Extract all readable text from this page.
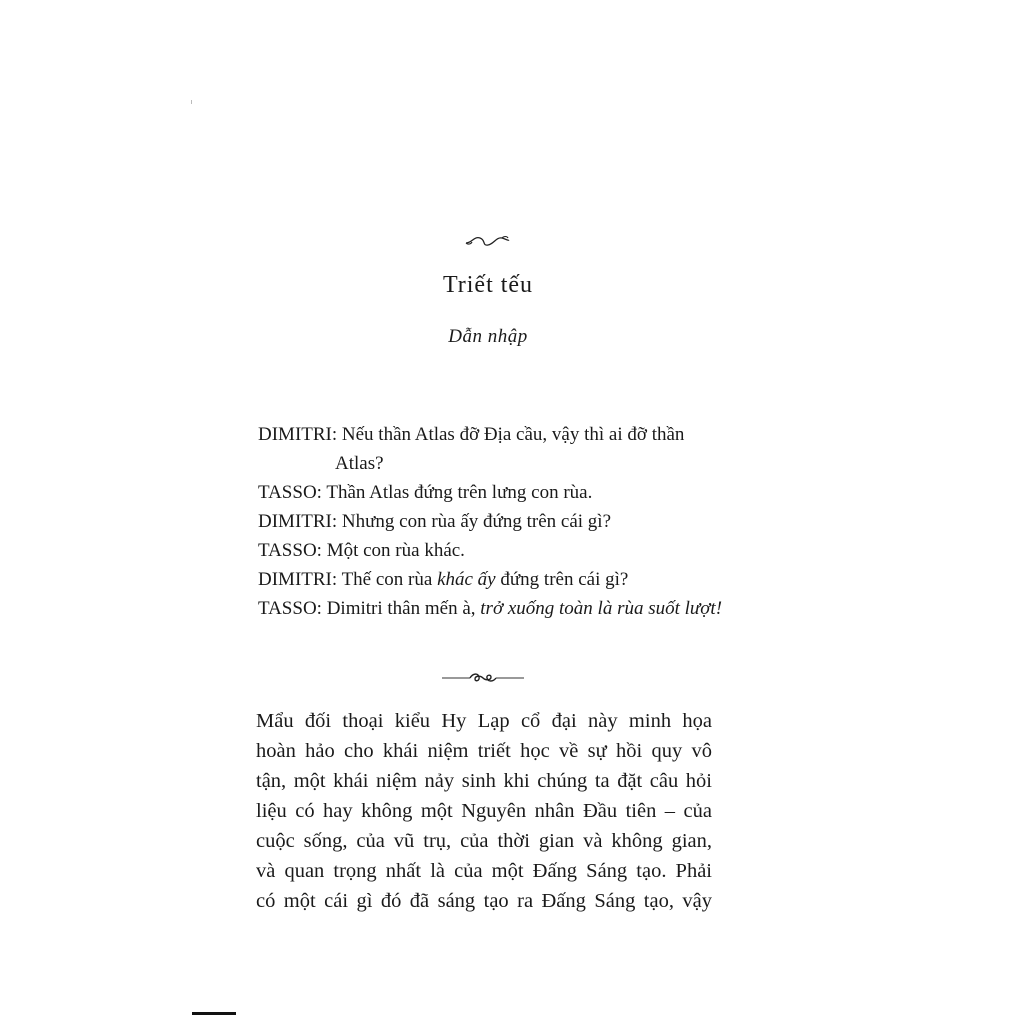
Triết tếu
Dẫn nhập
DIMITRI: Nếu thần Atlas đỡ Địa cầu, vậy thì ai đỡ thần Atlas?
TASSO: Thần Atlas đứng trên lưng con rùa.
DIMITRI: Nhưng con rùa ấy đứng trên cái gì?
TASSO: Một con rùa khác.
DIMITRI: Thế con rùa khác ấy đứng trên cái gì?
TASSO: Dimitri thân mến à, trở xuống toàn là rùa suốt lượt!
Mẩu đối thoại kiểu Hy Lạp cổ đại này minh họa
hoàn hảo cho khái niệm triết học về sự hồi quy vô
tận, một khái niệm nảy sinh khi chúng ta đặt câu hỏi
liệu có hay không một Nguyên nhân Đầu tiên – của
cuộc sống, của vũ trụ, của thời gian và không gian,
và quan trọng nhất là của một Đấng Sáng tạo. Phải
có một cái gì đó đã sáng tạo ra Đấng Sáng tạo, vậy
